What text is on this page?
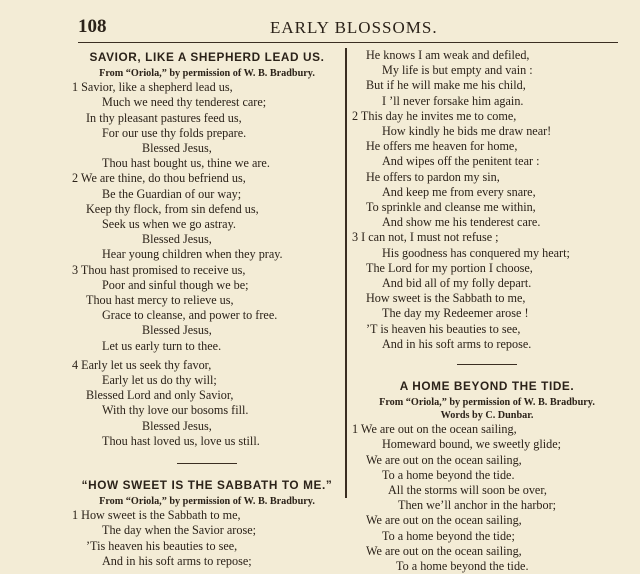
108	EARLY BLOSSOMS.
SAVIOR, LIKE A SHEPHERD LEAD US.
From “Oriola,” by permission of W. B. Bradbury.
1 Savior, like a shepherd lead us,
Much we need thy tenderest care;
In thy pleasant pastures feed us,
For our use thy folds prepare.
Blessed Jesus,
Thou hast bought us, thine we are.
2 We are thine, do thou befriend us,
Be the Guardian of our way;
Keep thy flock, from sin defend us,
Seek us when we go astray.
Blessed Jesus,
Hear young children when they pray.
3 Thou hast promised to receive us,
Poor and sinful though we be;
Thou hast mercy to relieve us,
Grace to cleanse, and power to free.
Blessed Jesus,
Let us early turn to thee.
4 Early let us seek thy favor,
Early let us do thy will;
Blessed Lord and only Savior,
With thy love our bosoms fill.
Blessed Jesus,
Thou hast loved us, love us still.
“HOW SWEET IS THE SABBATH TO ME.”
From “Oriola,” by permission of W. B. Bradbury.
1 How sweet is the Sabbath to me,
The day when the Savior arose;
’Tis heaven his beauties to see,
And in his soft arms to repose;
He knows I am weak and defiled,
My life is but empty and vain :
But if he will make me his child,
I ’ll never forsake him again.
2 This day he invites me to come,
How kindly he bids me draw near!
He offers me heaven for home,
And wipes off the penitent tear :
He offers to pardon my sin,
And keep me from every snare,
To sprinkle and cleanse me within,
And show me his tenderest care.
3 I can not, I must not refuse ;
His goodness has conquered my heart;
The Lord for my portion I choose,
And bid all of my folly depart.
How sweet is the Sabbath to me,
The day my Redeemer arose !
’T is heaven his beauties to see,
And in his soft arms to repose.
A HOME BEYOND THE TIDE.
From “Oriola,” by permission of W. B. Bradbury.
Words by C. Dunbar.
1 We are out on the ocean sailing,
Homeward bound, we sweetly glide;
We are out on the ocean sailing,
To a home beyond the tide.
All the storms will soon be over,
Then we’ll anchor in the harbor;
We are out on the ocean sailing,
To a home beyond the tide;
We are out on the ocean sailing,
To a home beyond the tide.
